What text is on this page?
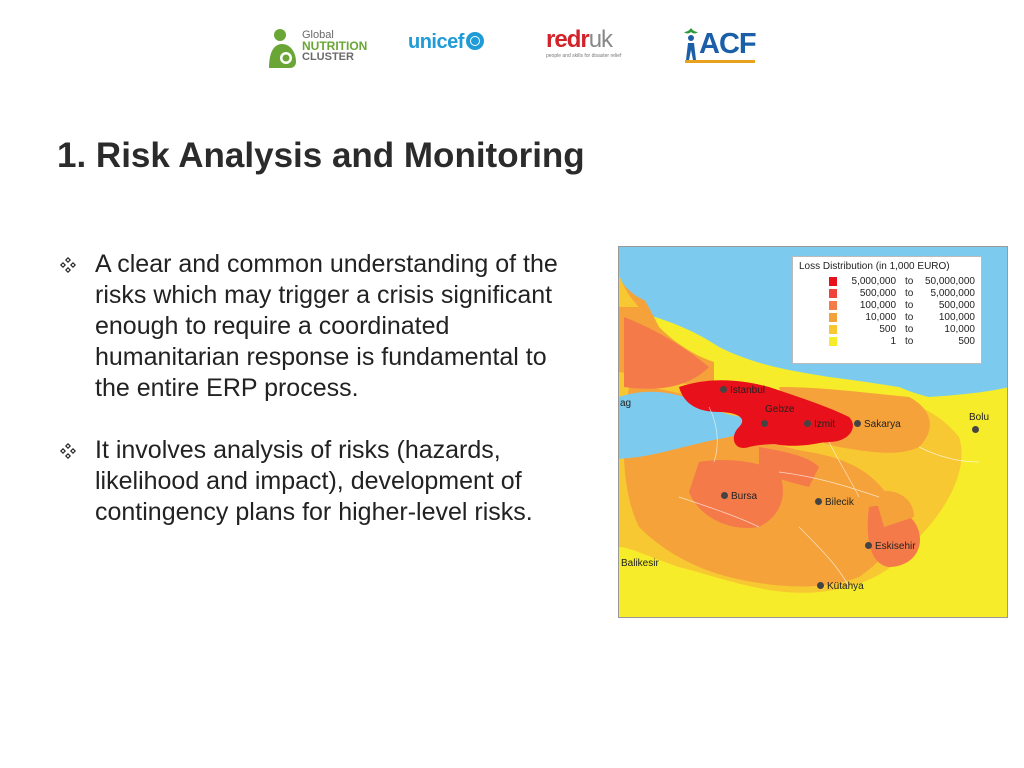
Global
NUTRITION
CLUSTER
unicef	redruk
people and skills for disaster relief	ACF
1. Risk Analysis and Monitoring
A clear and common understanding of the risks which may trigger a crisis significant enough to require a coordinated humanitarian response is fundamental to the entire ERP process.
It involves analysis of risks (hazards, likelihood and impact), development of contingency plans for higher-level risks.
Loss Distribution (in 1,000 EURO)
5,000,000 to	50,000,000
500,000 to	5,000,000
100,000 to	500,000
10,000 to	100,000
500 to	10,000
1 to	500
Istanbul
Gebze
Izmit	Sakarya
Bolu
Bursa
Bilecik
Eskisehir
Balikesir
Kütahya
ag
